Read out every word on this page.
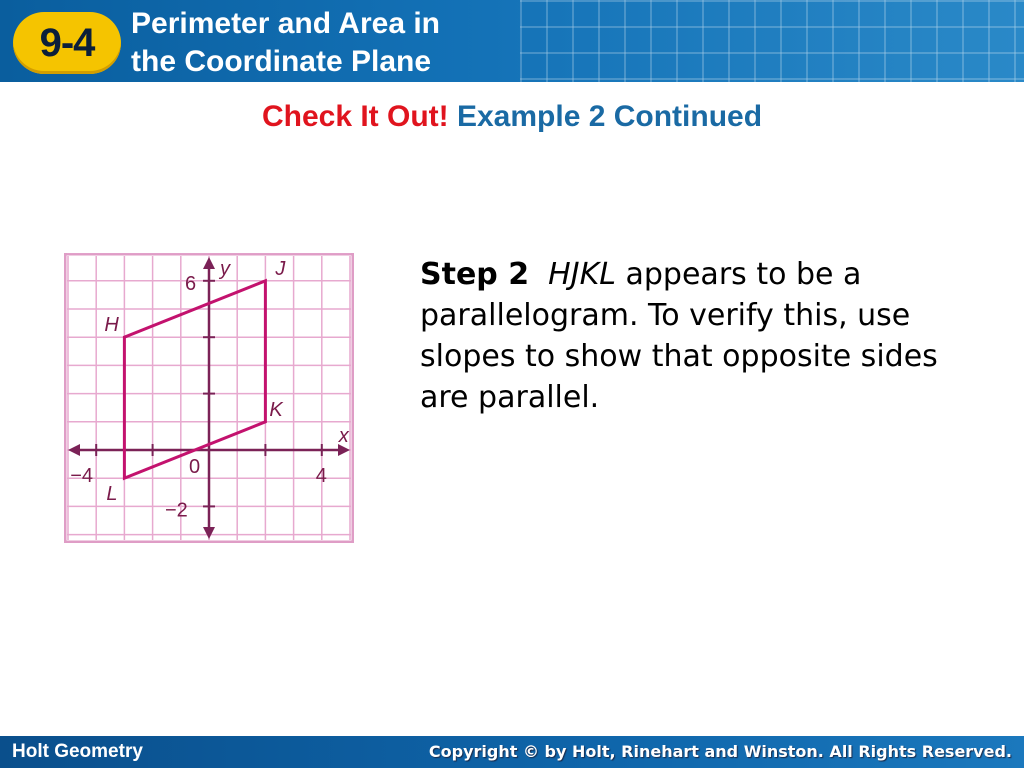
9-4 Perimeter and Area in
the Coordinate Plane
Check It Out! Example 2 Continued
−4	4
6
−2
0
x
y
H
J
K
L
Step 2 HJKL appears to be a parallelogram. To verify this, use slopes to show that opposite sides are parallel.
Holt Geometry	Copyright © by Holt, Rinehart and Winston. All Rights Reserved.
